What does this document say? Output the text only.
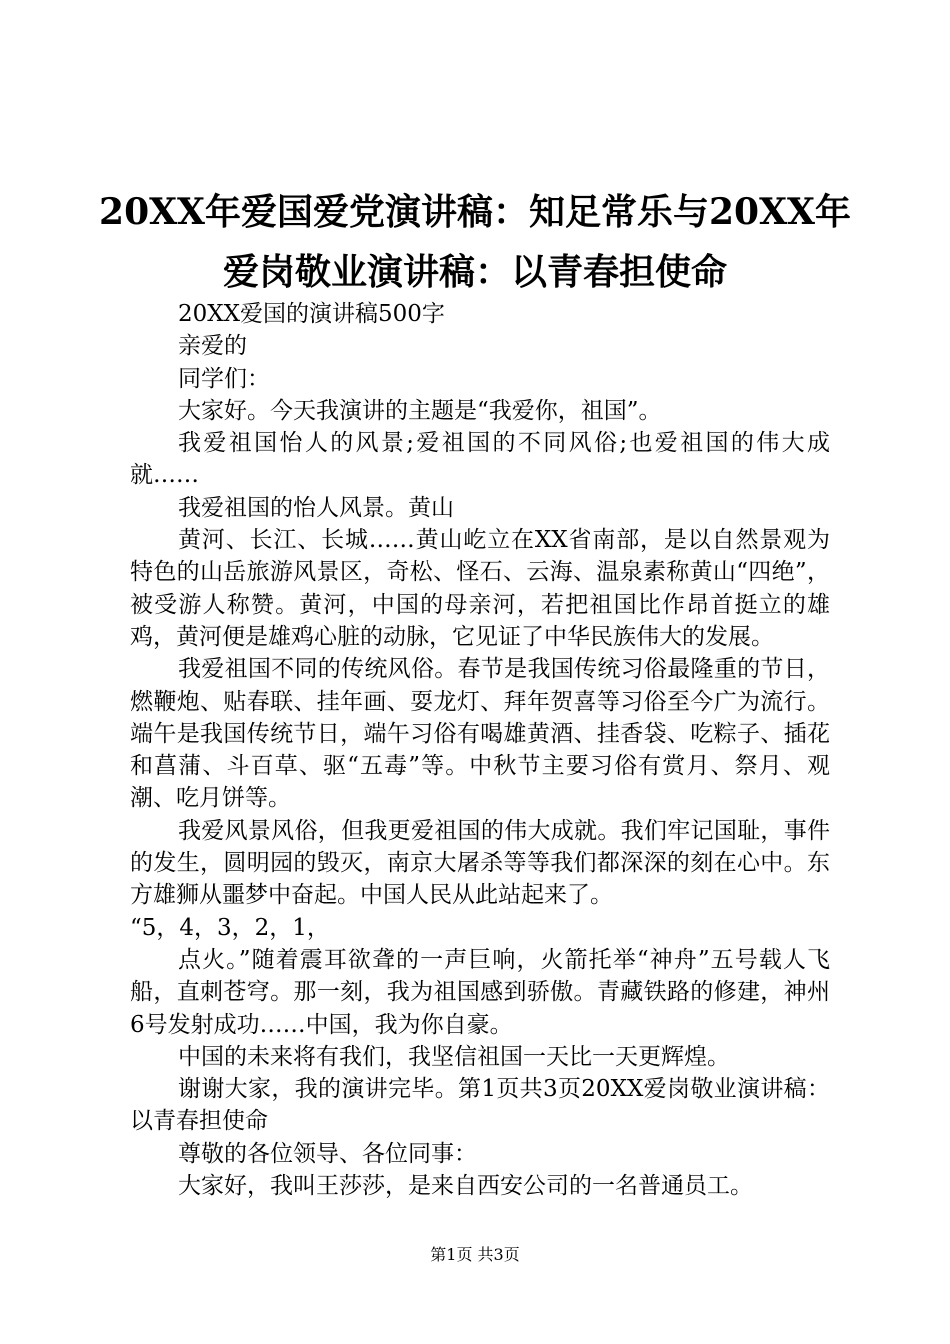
20XX年爱国爱党演讲稿：知足常乐与20XX年
爱岗敬业演讲稿：以青春担使命

20XX爱国的演讲稿500字

亲爱的

同学们：

大家好。今天我演讲的主题是“我爱你，祖国”。

我爱祖国怡人的风景;爱祖国的不同风俗;也爱祖国的伟大成就……

我爱祖国的怡人风景。黄山

黄河、长江、长城……黄山屹立在XX省南部，是以自然景观为特色的山岳旅游风景区，奇松、怪石、云海、温泉素称黄山“四绝”，被受游人称赞。黄河，中国的母亲河，若把祖国比作昂首挺立的雄鸡，黄河便是雄鸡心脏的动脉，它见证了中华民族伟大的发展。

我爱祖国不同的传统风俗。春节是我国传统习俗最隆重的节日，燃鞭炮、贴春联、挂年画、耍龙灯、拜年贺喜等习俗至今广为流行。端午是我国传统节日，端午习俗有喝雄黄酒、挂香袋、吃粽子、插花和菖蒲、斗百草、驱“五毒”等。中秋节主要习俗有赏月、祭月、观潮、吃月饼等。

我爱风景风俗，但我更爱祖国的伟大成就。我们牢记国耻，事件的发生，圆明园的毁灭，南京大屠杀等等我们都深深的刻在心中。东方雄狮从噩梦中奋起。中国人民从此站起来了。

“5，4，3，2，1，

点火。”随着震耳欲聋的一声巨响，火箭托举“神舟”五号载人飞船，直刺苍穹。那一刻，我为祖国感到骄傲。青藏铁路的修建，神州6号发射成功……中国，我为你自豪。

中国的未来将有我们，我坚信祖国一天比一天更辉煌。

谢谢大家，我的演讲完毕。第1页共3页20XX爱岗敬业演讲稿：以青春担使命

尊敬的各位领导、各位同事：

大家好，我叫王莎莎，是来自西安公司的一名普通员工。

第1页 共3页
